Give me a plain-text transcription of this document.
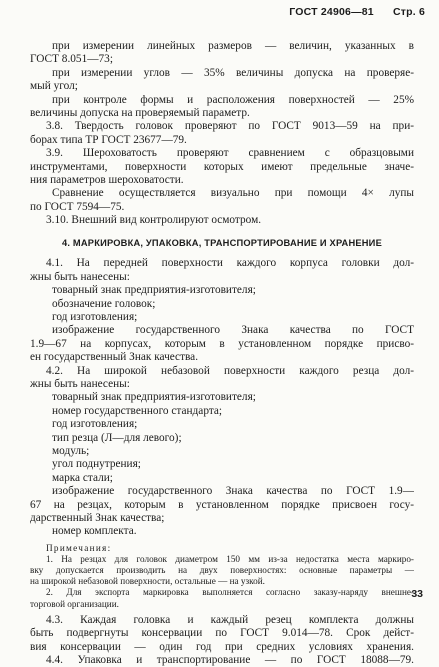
ГОСТ 24906—81 Стр. 6
при измерении линейных размеров — величин, указанных в
ГОСТ 8.051—73;
при измерении углов — 35% величины допуска на проверяе-
мый угол;
при контроле формы и расположения поверхностей — 25%
величины допуска на проверяемый параметр.
3.8. Твердость головок проверяют по ГОСТ 9013—59 на при-
борах типа ТР ГОСТ 23677—79.
3.9. Шероховатость проверяют сравнением с образцовыми
инструментами, поверхности которых имеют предельные значе-
ния параметров шероховатости.
Сравнение осуществляется визуально при помощи 4× лупы
по ГОСТ 7594—75.
3.10. Внешний вид контролируют осмотром.
4. МАРКИРОВКА, УПАКОВКА, ТРАНСПОРТИРОВАНИЕ И ХРАНЕНИЕ
4.1. На передней поверхности каждого корпуса головки дол-
жны быть нанесены:
товарный знак предприятия-изготовителя;
обозначение головок;
год изготовления;
изображение государственного Знака качества по ГОСТ
1.9—67 на корпусах, которым в установленном порядке присво-
ен государственный Знак качества.
4.2. На широкой небазовой поверхности каждого резца дол-
жны быть нанесены:
товарный знак предприятия-изготовителя;
номер государственного стандарта;
год изготовления;
тип резца (Л—для левого);
модуль;
угол поднутрения;
марка стали;
изображение государственного Знака качества по ГОСТ 1.9—
67 на резцах, которым в установленном порядке присвоен госу-
дарственный Знак качества;
номер комплекта.
Примечания:
1. На резцах для головок диаметром 150 мм из-за недостатка места маркиро-
вку допускается производить на двух поверхностях: основные параметры —
на широкой небазовой поверхности, остальные — на узкой.
2. Для экспорта маркировка выполняется согласно заказу-наряду внешне-
торговой организации.
4.3. Каждая головка и каждый резец комплекта должны
быть подвергнуты консервации по ГОСТ 9.014—78. Срок дейст-
вия консервации — один год при средних условиях хранения.
4.4. Упаковка и транспортирование — по ГОСТ 18088—79.
33
